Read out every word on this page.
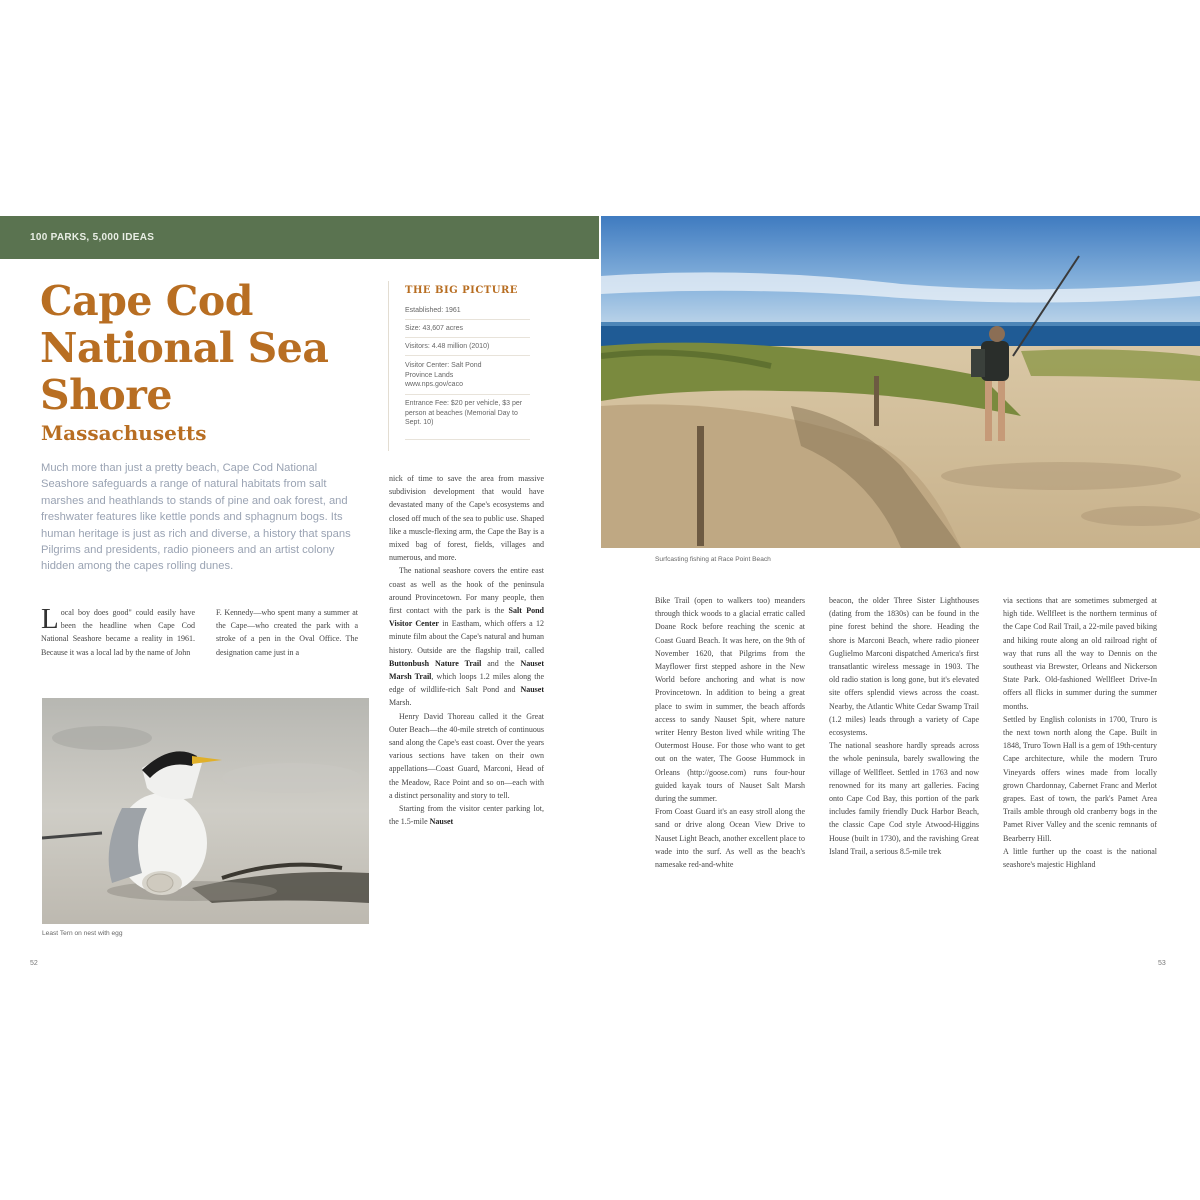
100 PARKS, 5,000 IDEAS
Cape Cod National Sea Shore
Massachusetts
THE BIG PICTURE
Established: 1961
Size: 43,607 acres
Visitors: 4.48 million (2010)
Visitor Center: Salt Pond Province Lands www.nps.gov/caco
Entrance Fee: $20 per vehicle, $3 per person at beaches (Memorial Day to Sept. 10)
Much more than just a pretty beach, Cape Cod National Seashore safeguards a range of natural habitats from salt marshes and heathlands to stands of pine and oak forest, and freshwater features like kettle ponds and sphagnum bogs. Its human heritage is just as rich and diverse, a history that spans Pilgrims and presidents, radio pioneers and an artist colony hidden among the capes rolling dunes.
Local boy does good" could easily have been the headline when Cape Cod National Seashore became a reality in 1961. Because it was a local lad by the name of John
F. Kennedy—who spent many a summer at the Cape—who created the park with a stroke of a pen in the Oval Office. The designation came just in a
Least Tern on nest with egg
52
nick of time to save the area from massive subdivision development that would have devastated many of the Cape's ecosystems and closed off much of the sea to public use. Shaped like a muscle-flexing arm, the Cape the Bay is a mixed bag of forest, fields, villages and numerous, and more.
The national seashore covers the entire east coast as well as the hook of the peninsula around Provincetown. For many people, then first contact with the park is the Salt Pond Visitor Center in Eastham, which offers a 12 minute film about the Cape's natural and human history. Outside are the flagship trail, called Buttonbush Nature Trail and the Nauset Marsh Trail, which loops 1.2 miles along the edge of wildlife-rich Salt Pond and Nauset Marsh.
Henry David Thoreau called it the Great Outer Beach—the 40-mile stretch of continuous sand along the Cape's east coast. Over the years various sections have taken on their own appellations—Coast Guard, Marconi, Head of the Meadow, Race Point and so on—each with a distinct personality and story to tell.
Starting from the visitor center parking lot, the 1.5-mile Nauset
Surfcasting fishing at Race Point Beach
Bike Trail (open to walkers too) meanders through thick woods to a glacial erratic called Doane Rock before reaching the scenic at Coast Guard Beach. It was here, on the 9th of November 1620, that Pilgrims from the Mayflower first stepped ashore in the New World before anchoring and what is now Provincetown. In addition to being a great place to swim in summer, the beach affords access to sandy Nauset Spit, where nature writer Henry Beston lived while writing The Outermost House. For those who want to get out on the water, The Goose Hummock in Orleans (http://goose.com) runs four-hour guided kayak tours of Nauset Salt Marsh during the summer.
From Coast Guard it's an easy stroll along the sand or drive along Ocean View Drive to Nauset Light Beach, another excellent place to wade into the surf. As well as the beach's namesake red-and-white
beacon, the older Three Sister Lighthouses (dating from the 1830s) can be found in the pine forest behind the shore. Heading the shore is Marconi Beach, where radio pioneer Guglielmo Marconi dispatched America's first transatlantic wireless message in 1903. The old radio station is long gone, but it's elevated site offers splendid views across the coast. Nearby, the Atlantic White Cedar Swamp Trail (1.2 miles) leads through a variety of Cape ecosystems.
The national seashore hardly spreads across the whole peninsula, barely swallowing the village of Wellfleet. Settled in 1763 and now renowned for its many art galleries. Facing onto Cape Cod Bay, this portion of the park includes family friendly Duck Harbor Beach, the classic Cape Cod style Atwood-Higgins House (built in 1730), and the ravishing Great Island Trail, a serious 8.5-mile trek
via sections that are sometimes submerged at high tide. Wellfleet is the northern terminus of the Cape Cod Rail Trail, a 22-mile paved biking and hiking route along an old railroad right of way that runs all the way to Dennis on the southeast via Brewster, Orleans and Nickerson State Park. Old-fashioned Wellfleet Drive-In offers all flicks in summer during the summer months.
Settled by English colonists in 1700, Truro is the next town north along the Cape. Built in 1848, Truro Town Hall is a gem of 19th-century Cape architecture, while the modern Truro Vineyards offers wines made from locally grown Chardonnay, Cabernet Franc and Merlot grapes. East of town, the park's Pamet Area Trails amble through old cranberry bogs in the Pamet River Valley and the scenic remnants of Bearberry Hill.
A little further up the coast is the national seashore's majestic Highland
53
